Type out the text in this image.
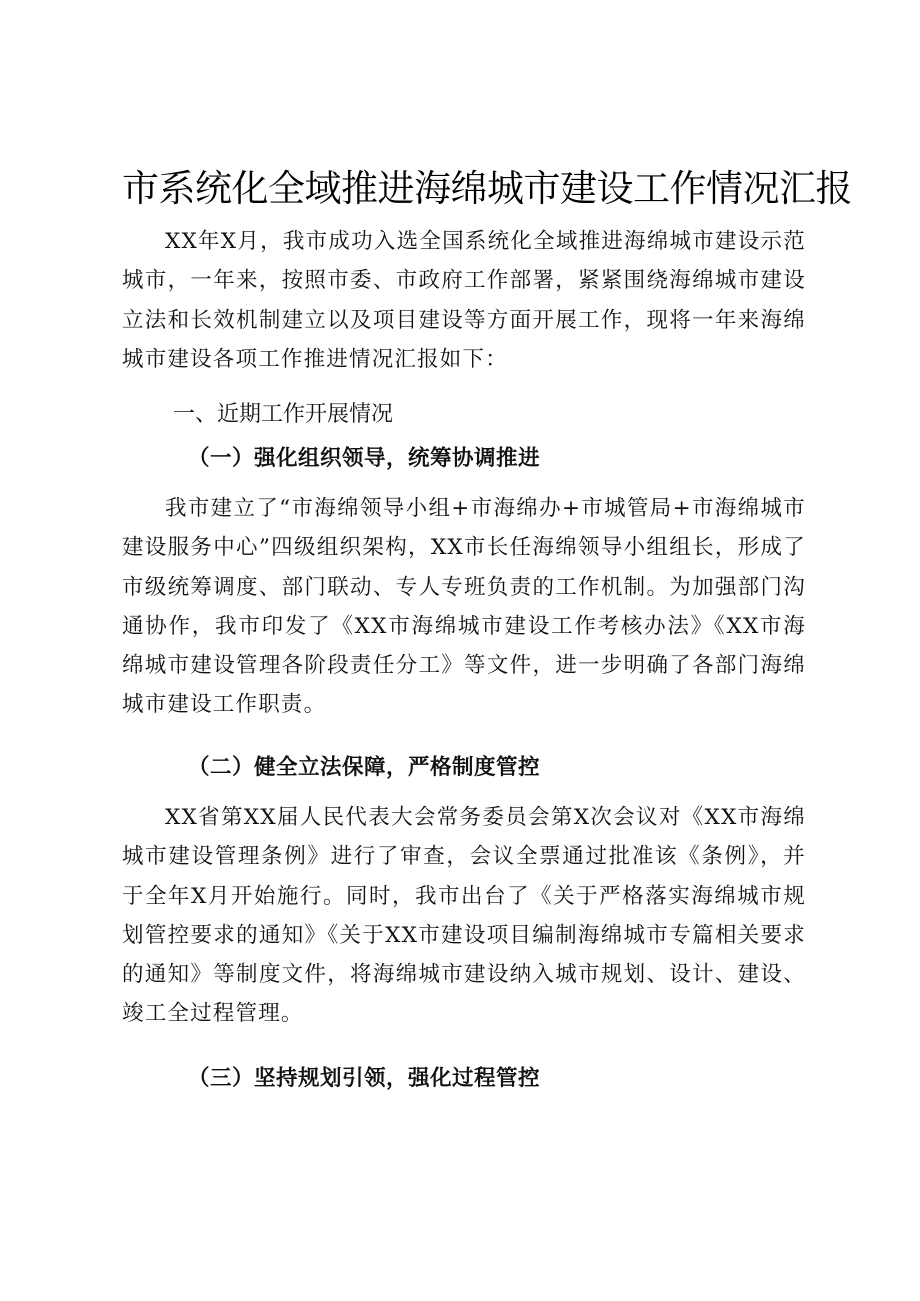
市系统化全域推进海绵城市建设工作情况汇报

XX年X月，我市成功入选全国系统化全域推进海绵城市建设示范城市，一年来，按照市委、市政府工作部署，紧紧围绕海绵城市建设立法和长效机制建立以及项目建设等方面开展工作，现将一年来海绵城市建设各项工作推进情况汇报如下：

一、近期工作开展情况
（一）强化组织领导，统筹协调推进

我市建立了“市海绵领导小组+市海绵办+市城管局+市海绵城市建设服务中心”四级组织架构，XX市长任海绵领导小组组长，形成了市级统筹调度、部门联动、专人专班负责的工作机制。为加强部门沟通协作，我市印发了《XX市海绵城市建设工作考核办法》《XX市海绵城市建设管理各阶段责任分工》等文件，进一步明确了各部门海绵城市建设工作职责。

（二）健全立法保障，严格制度管控

XX省第XX届人民代表大会常务委员会第X次会议对《XX市海绵城市建设管理条例》进行了审查，会议全票通过批准该《条例》，并于全年X月开始施行。同时，我市出台了《关于严格落实海绵城市规划管控要求的通知》《关于XX市建设项目编制海绵城市专篇相关要求的通知》等制度文件，将海绵城市建设纳入城市规划、设计、建设、竣工全过程管理。

（三）坚持规划引领，强化过程管控
